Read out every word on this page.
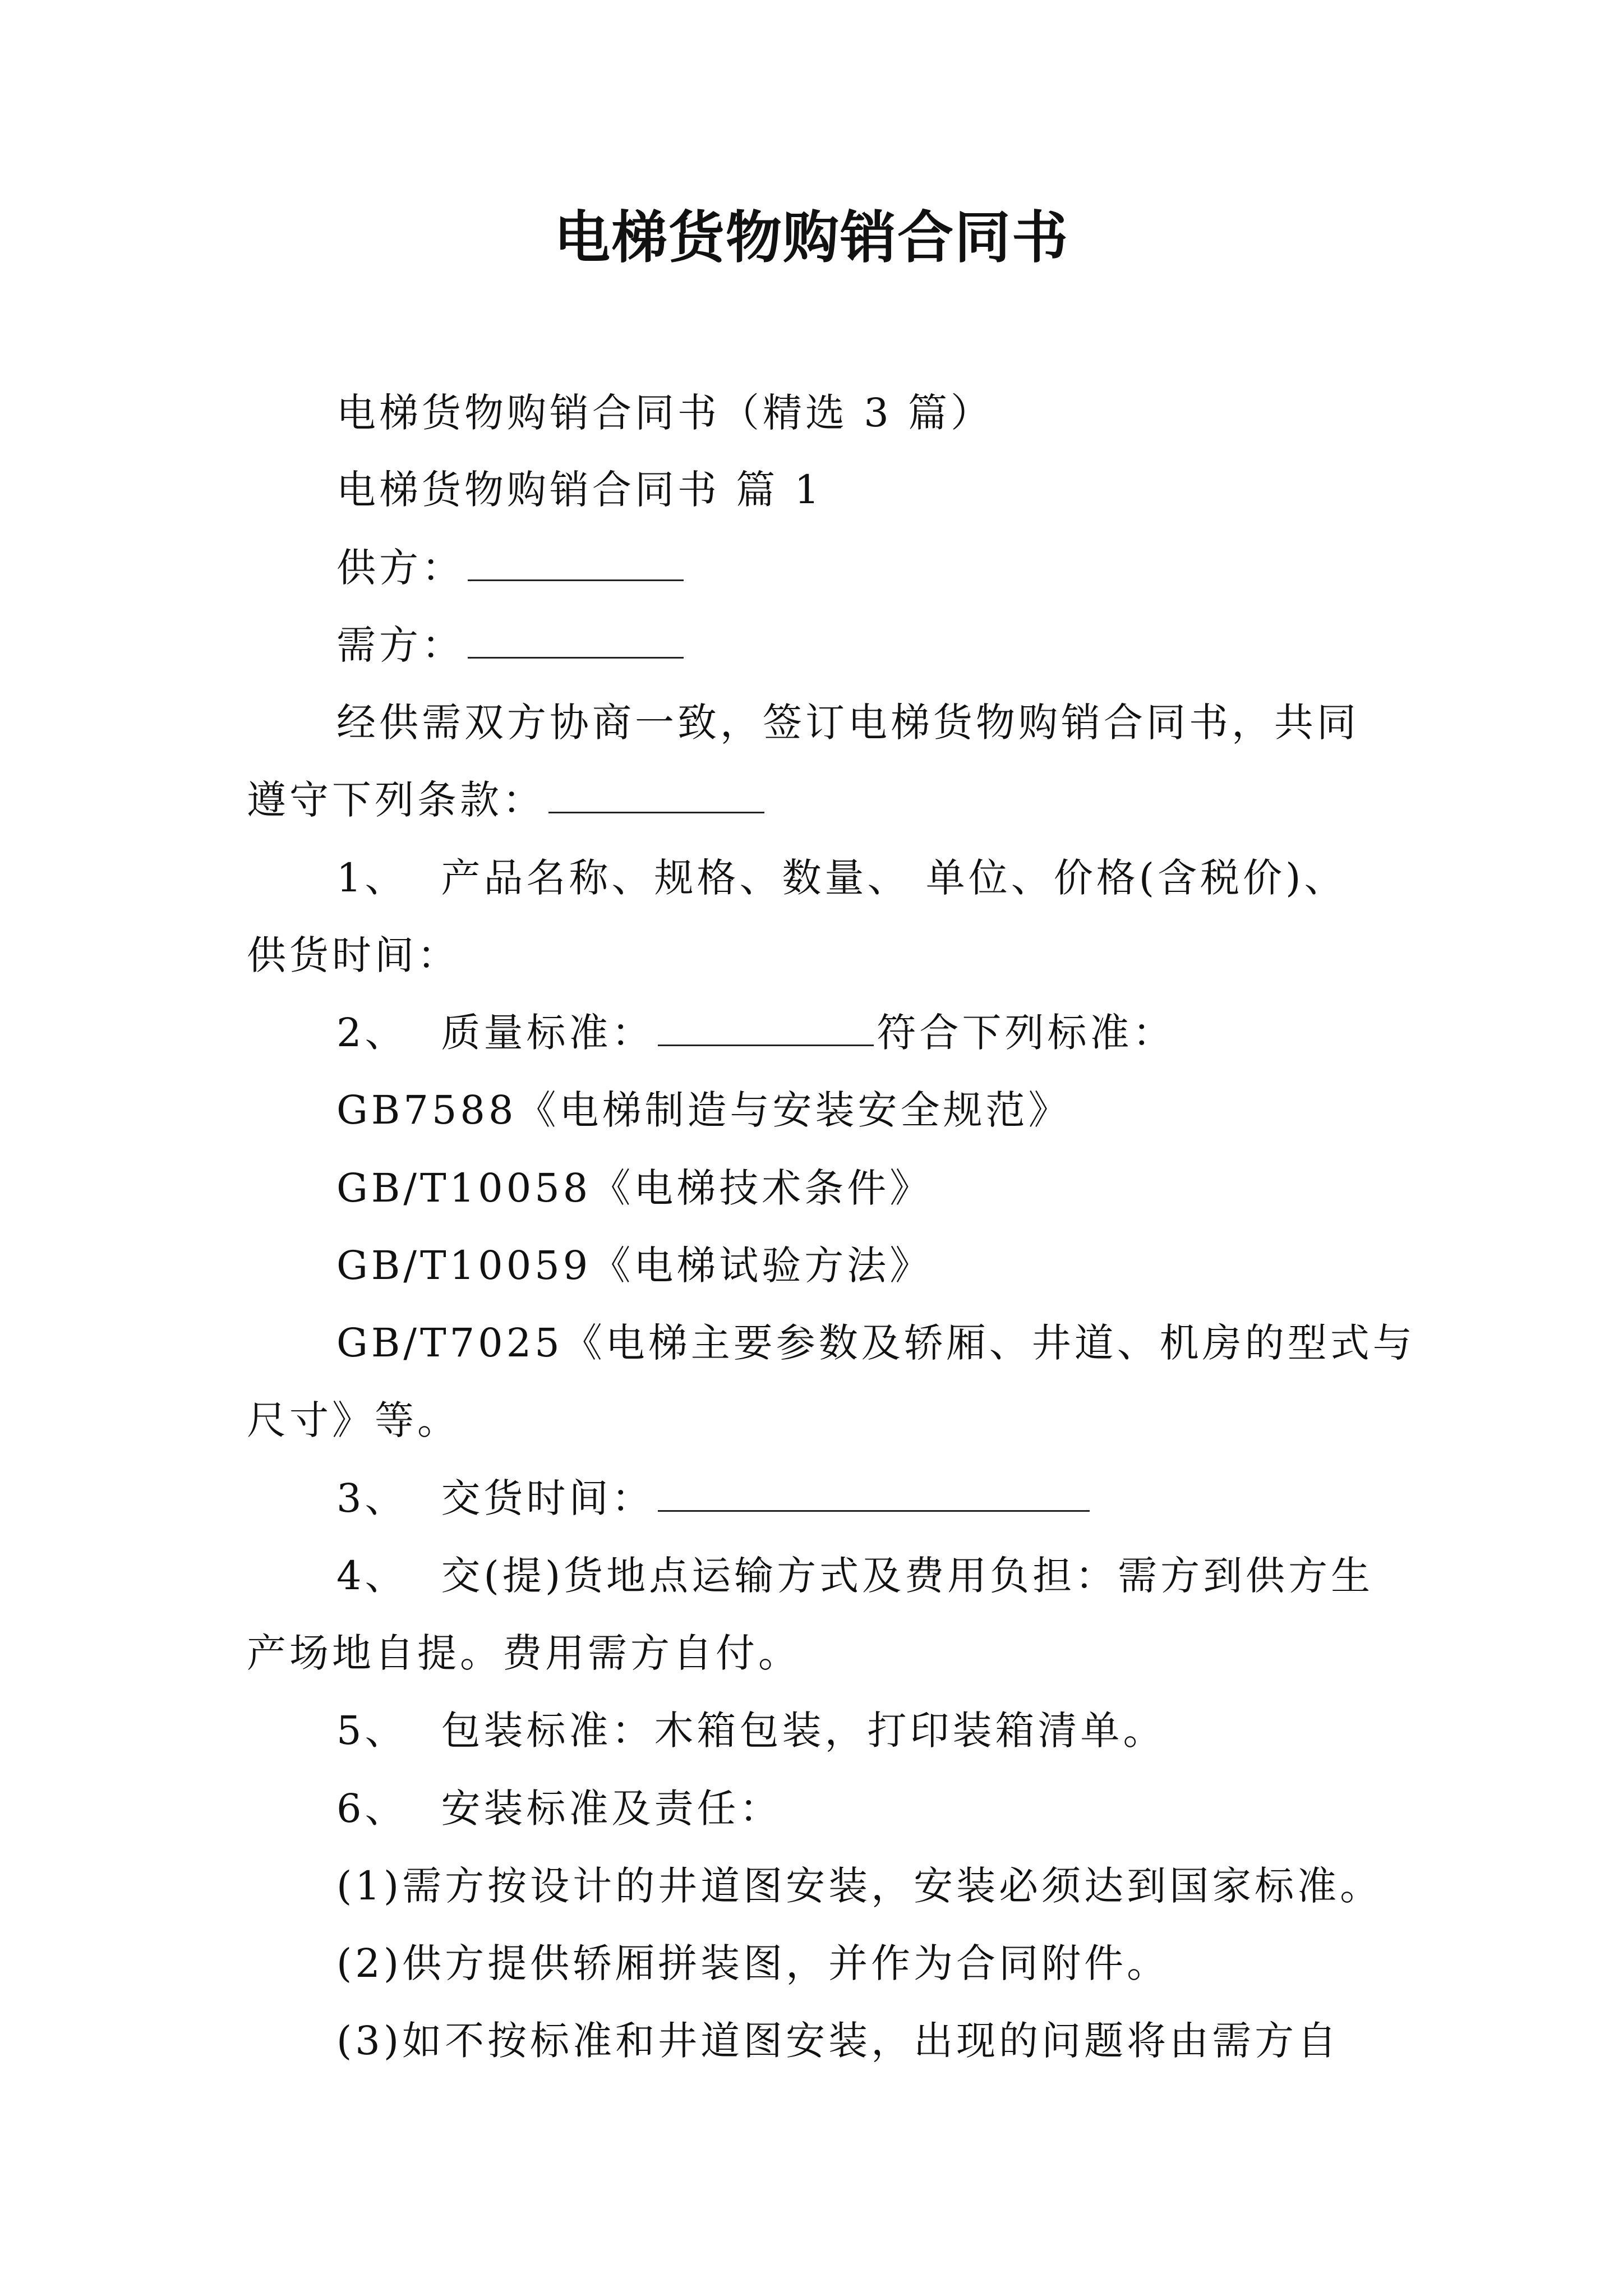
电梯货物购销合同书
电梯货物购销合同书（精选 3 篇）
电梯货物购销合同书 篇 1
供方：
需方：
经供需双方协商一致，签订电梯货物购销合同书，共同
遵守下列条款：
1、 产品名称、规格、数量、 单位、价格(含税价)、
供货时间：
2、 质量标准：	符合下列标准：
GB7588《电梯制造与安装安全规范》
GB/T10058《电梯技术条件》
GB/T10059《电梯试验方法》
GB/T7025《电梯主要参数及轿厢、井道、机房的型式与
尺寸》等。
3、 交货时间：
4、 交(提)货地点运输方式及费用负担：需方到供方生
产场地自提。费用需方自付。
5、 包装标准：木箱包装，打印装箱清单。
6、 安装标准及责任：
(1)需方按设计的井道图安装，安装必须达到国家标准。
(2)供方提供轿厢拼装图，并作为合同附件。
(3)如不按标准和井道图安装，出现的问题将由需方自
